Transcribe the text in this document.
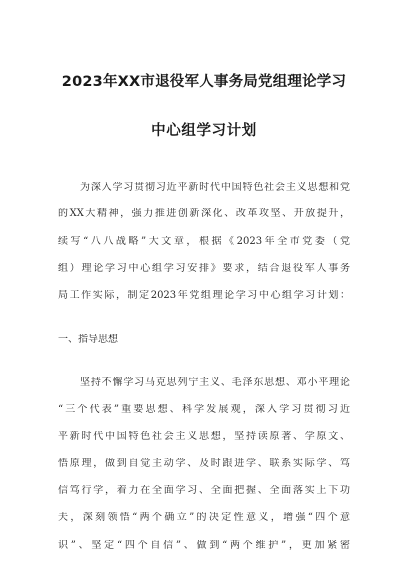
2023年XX市退役军人事务局党组理论学习
中心组学习计划
为深入学习贯彻习近平新时代中国特色社会主义思想和党
的XX大精神，强力推进创新深化、改革攻坚、开放提升，
续写“八八战略”大文章，根据《2023年全市党委（党
组）理论学习中心组学习安排》要求，结合退役军人事务
局工作实际，制定2023年党组理论学习中心组学习计划：
一、指导思想
坚持不懈学习马克思列宁主义、毛泽东思想、邓小平理论
“三个代表”重要思想、科学发展观，深入学习贯彻习近
平新时代中国特色社会主义思想，坚持读原著、学原文、
悟原理，做到自觉主动学、及时跟进学、联系实际学、笃
信笃行学，着力在全面学习、全面把握、全面落实上下功
夫，深刻领悟“两个确立”的决定性意义，增强“四个意
识”、坚定“四个自信”、做到“两个维护”，更加紧密
